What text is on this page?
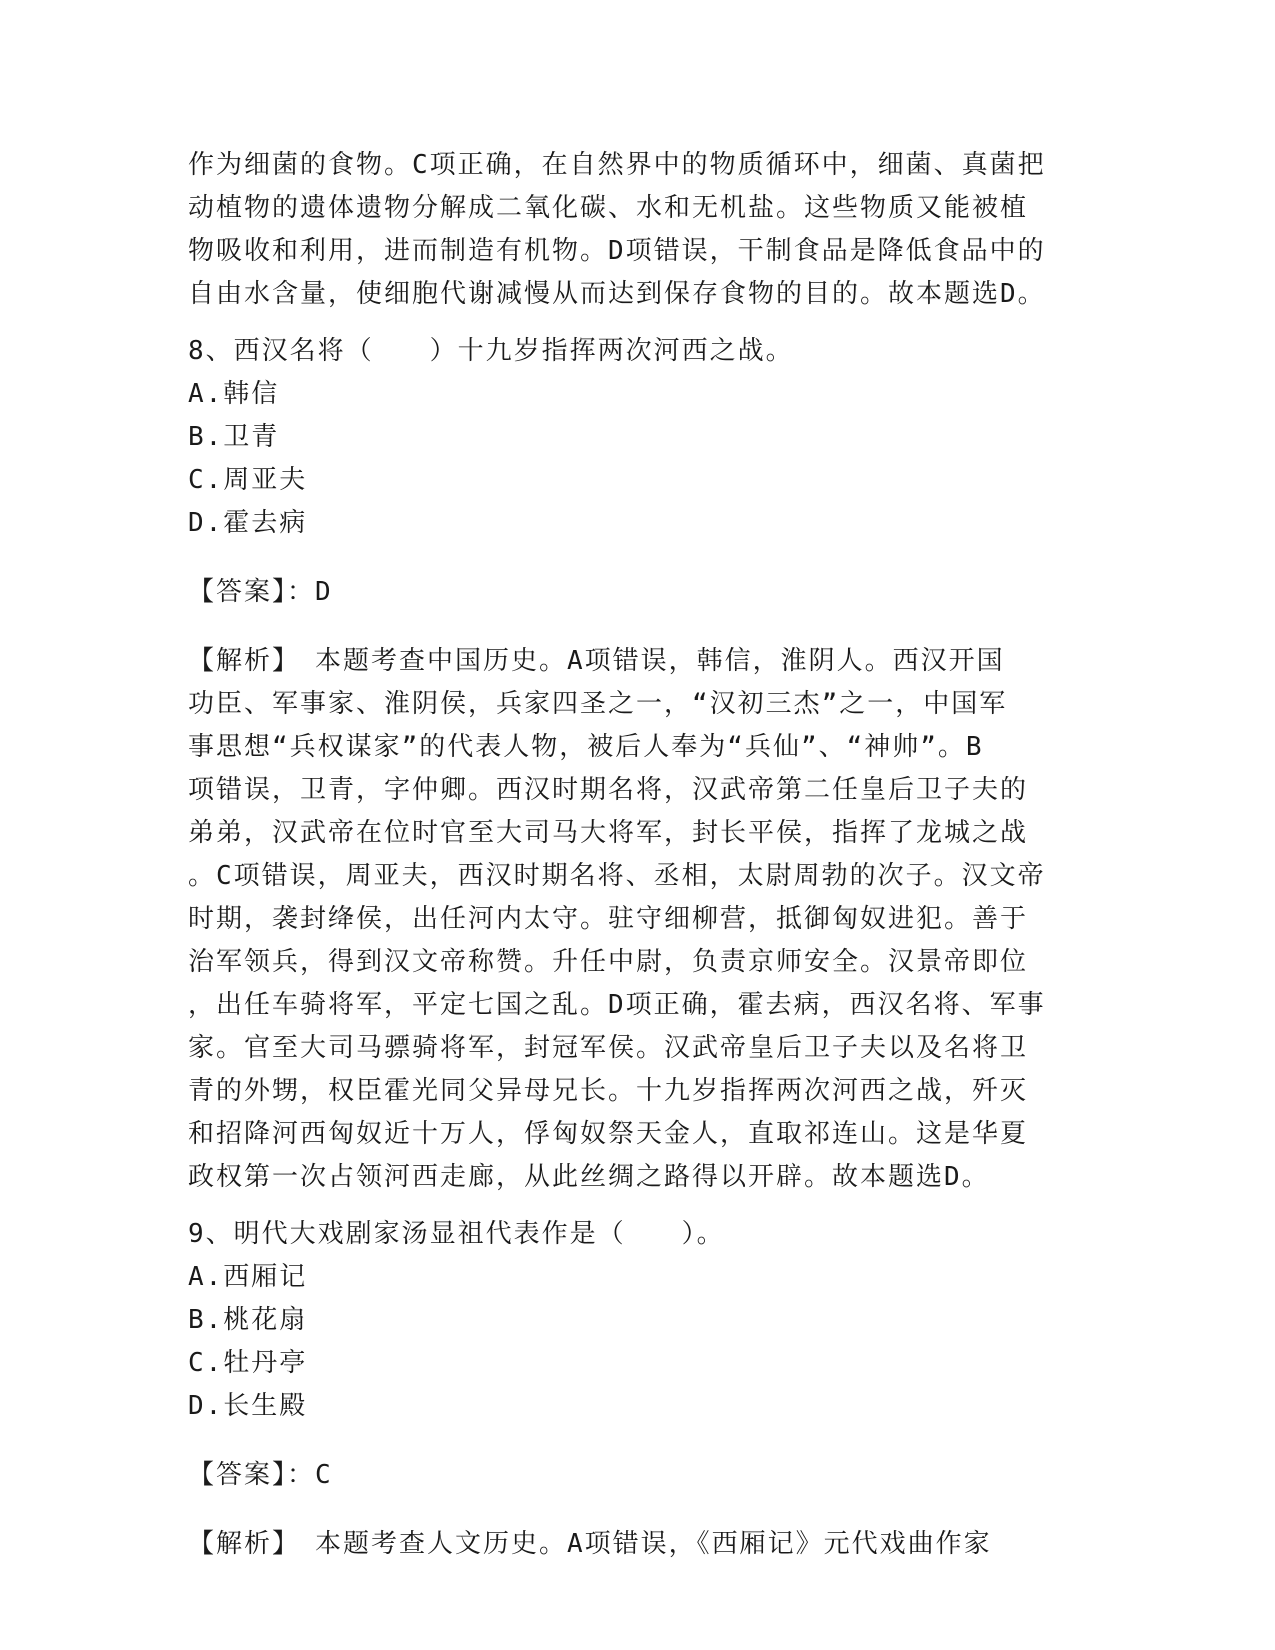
作为细菌的食物。C项正确，在自然界中的物质循环中，细菌、真菌把
动植物的遗体遗物分解成二氧化碳、水和无机盐。这些物质又能被植
物吸收和利用，进而制造有机物。D项错误，干制食品是降低食品中的
自由水含量，使细胞代谢减慢从而达到保存食物的目的。故本题选D。

8、西汉名将（　　）十九岁指挥两次河西之战。

A.韩信

B.卫青

C.周亚夫

D.霍去病

【答案】：D

【解析】　本题考查中国历史。A项错误，韩信，淮阴人。西汉开国
功臣、军事家、淮阴侯，兵家四圣之一，“汉初三杰”之一，中国军
事思想“兵权谋家”的代表人物，被后人奉为“兵仙”、“神帅”。B
项错误，卫青，字仲卿。西汉时期名将，汉武帝第二任皇后卫子夫的
弟弟，汉武帝在位时官至大司马大将军，封长平侯，指挥了龙城之战
。C项错误，周亚夫，西汉时期名将、丞相，太尉周勃的次子。汉文帝
时期，袭封绛侯，出任河内太守。驻守细柳营，抵御匈奴进犯。善于
治军领兵，得到汉文帝称赞。升任中尉，负责京师安全。汉景帝即位
，出任车骑将军，平定七国之乱。D项正确，霍去病，西汉名将、军事
家。官至大司马骠骑将军，封冠军侯。汉武帝皇后卫子夫以及名将卫
青的外甥，权臣霍光同父异母兄长。十九岁指挥两次河西之战，歼灭
和招降河西匈奴近十万人，俘匈奴祭天金人，直取祁连山。这是华夏
政权第一次占领河西走廊，从此丝绸之路得以开辟。故本题选D。

9、明代大戏剧家汤显祖代表作是（　　）。

A.西厢记

B.桃花扇

C.牡丹亭

D.长生殿

【答案】：C

【解析】　本题考查人文历史。A项错误，《西厢记》元代戏曲作家
